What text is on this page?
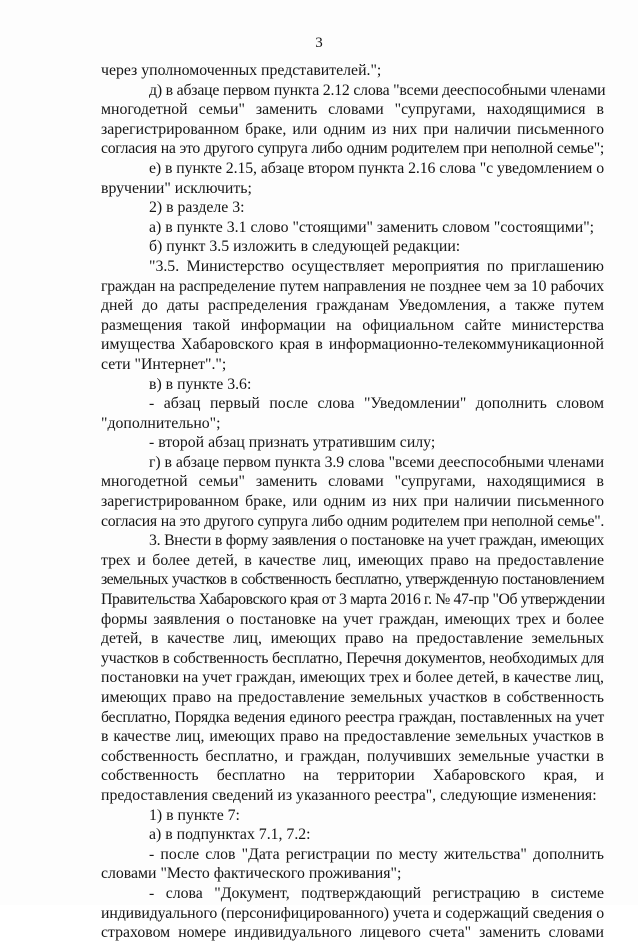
3
через уполномоченных представителей.";
д) в абзаце первом пункта 2.12 слова "всеми дееспособными членами
многодетной семьи" заменить словами "супругами, находящимися в
зарегистрированном браке, или одним из них при наличии письменного
согласия на это другого супруга либо одним родителем при неполной семье";
е) в пункте 2.15, абзаце втором пункта 2.16 слова "с уведомлением о
вручении" исключить;
2) в разделе 3:
а) в пункте 3.1 слово "стоящими" заменить словом "состоящими";
б) пункт 3.5 изложить в следующей редакции:
"3.5. Министерство осуществляет мероприятия по приглашению
граждан на распределение путем направления не позднее чем за 10 рабочих
дней до даты распределения гражданам Уведомления, а также путем
размещения такой информации на официальном сайте министерства
имущества Хабаровского края в информационно-телекоммуникационной
сети "Интернет".";
в) в пункте 3.6:
- абзац первый после слова "Уведомлении" дополнить словом
"дополнительно";
- второй абзац признать утратившим силу;
г) в абзаце первом пункта 3.9 слова "всеми дееспособными членами
многодетной семьи" заменить словами "супругами, находящимися в
зарегистрированном браке, или одним из них при наличии письменного
согласия на это другого супруга либо одним родителем при неполной семье".
3. Внести в форму заявления о постановке на учет граждан, имеющих
трех и более детей, в качестве лиц, имеющих право на предоставление
земельных участков в собственность бесплатно, утвержденную постановлением
Правительства Хабаровского края от 3 марта 2016 г. № 47-пр "Об утверждении
формы заявления о постановке на учет граждан, имеющих трех и более
детей, в качестве лиц, имеющих право на предоставление земельных
участков в собственность бесплатно, Перечня документов, необходимых для
постановки на учет граждан, имеющих трех и более детей, в качестве лиц,
имеющих право на предоставление земельных участков в собственность
бесплатно, Порядка ведения единого реестра граждан, поставленных на учет
в качестве лиц, имеющих право на предоставление земельных участков в
собственность бесплатно, и граждан, получивших земельные участки в
собственность бесплатно на территории Хабаровского края, и
предоставления сведений из указанного реестра", следующие изменения:
1) в пункте 7:
а) в подпунктах 7.1, 7.2:
- после слов "Дата регистрации по месту жительства" дополнить
словами "Место фактического проживания";
- слова "Документ, подтверждающий регистрацию в системе
индивидуального (персонифицированного) учета и содержащий сведения о
страховом номере индивидуального лицевого счета" заменить словами
